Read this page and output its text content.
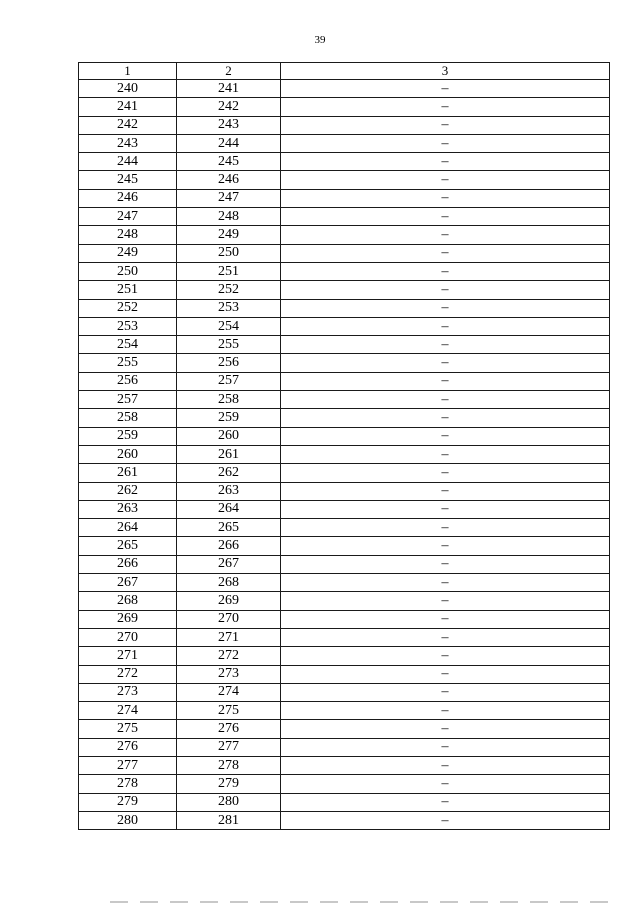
39
1	2	3
240	241	–
241	242	–
242	243	–
243	244	–
244	245	–
245	246	–
246	247	–
247	248	–
248	249	–
249	250	–
250	251	–
251	252	–
252	253	–
253	254	–
254	255	–
255	256	–
256	257	–
257	258	–
258	259	–
259	260	–
260	261	–
261	262	–
262	263	–
263	264	–
264	265	–
265	266	–
266	267	–
267	268	–
268	269	–
269	270	–
270	271	–
271	272	–
272	273	–
273	274	–
274	275	–
275	276	–
276	277	–
277	278	–
278	279	–
279	280	–
280	281	–
